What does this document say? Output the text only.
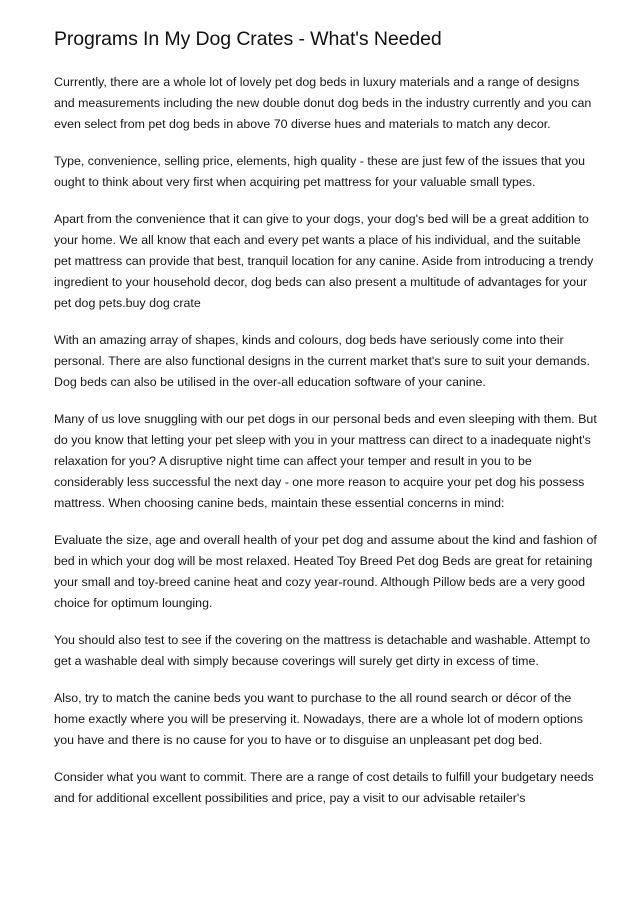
Programs In My Dog Crates - What's Needed

Currently, there are a whole lot of lovely pet dog beds in luxury materials and a range of designs and measurements including the new double donut dog beds in the industry currently and you can even select from pet dog beds in above 70 diverse hues and materials to match any decor.

Type, convenience, selling price, elements, high quality - these are just few of the issues that you ought to think about very first when acquiring pet mattress for your valuable small types.

Apart from the convenience that it can give to your dogs, your dog's bed will be a great addition to your home. We all know that each and every pet wants a place of his individual, and the suitable pet mattress can provide that best, tranquil location for any canine. Aside from introducing a trendy ingredient to your household decor, dog beds can also present a multitude of advantages for your pet dog pets.buy dog crate

With an amazing array of shapes, kinds and colours, dog beds have seriously come into their personal. There are also functional designs in the current market that's sure to suit your demands. Dog beds can also be utilised in the over-all education software of your canine.

Many of us love snuggling with our pet dogs in our personal beds and even sleeping with them. But do you know that letting your pet sleep with you in your mattress can direct to a inadequate night's relaxation for you? A disruptive night time can affect your temper and result in you to be considerably less successful the next day - one more reason to acquire your pet dog his possess mattress. When choosing canine beds, maintain these essential concerns in mind:

Evaluate the size, age and overall health of your pet dog and assume about the kind and fashion of bed in which your dog will be most relaxed. Heated Toy Breed Pet dog Beds are great for retaining your small and toy-breed canine heat and cozy year-round. Although Pillow beds are a very good choice for optimum lounging.

You should also test to see if the covering on the mattress is detachable and washable. Attempt to get a washable deal with simply because coverings will surely get dirty in excess of time.

Also, try to match the canine beds you want to purchase to the all round search or décor of the home exactly where you will be preserving it. Nowadays, there are a whole lot of modern options you have and there is no cause for you to have or to disguise an unpleasant pet dog bed.

Consider what you want to commit. There are a range of cost details to fulfill your budgetary needs and for additional excellent possibilities and price, pay a visit to our advisable retailer's
